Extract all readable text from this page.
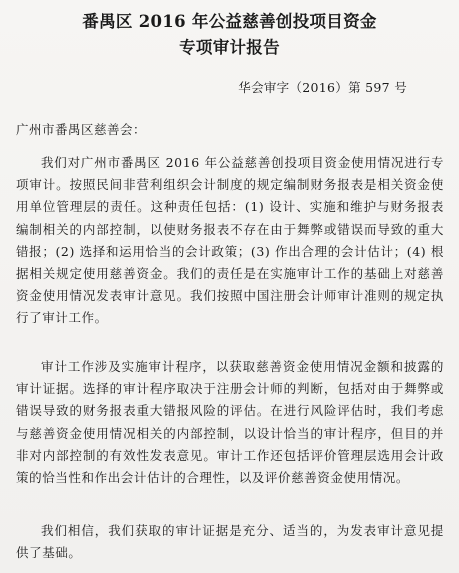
番禺区 2016 年公益慈善创投项目资金
专项审计报告
华会审字（2016）第 597 号
广州市番禺区慈善会：

我们对广州市番禺区 2016 年公益慈善创投项目资金使用情况进行专项审计。按照民间非营利组织会计制度的规定编制财务报表是相关资金使用单位管理层的责任。这种责任包括：(1) 设计、实施和维护与财务报表编制相关的内部控制，以使财务报表不存在由于舞弊或错误而导致的重大错报；(2) 选择和运用恰当的会计政策；(3) 作出合理的会计估计；(4) 根据相关规定使用慈善资金。我们的责任是在实施审计工作的基础上对慈善资金使用情况发表审计意见。我们按照中国注册会计师审计准则的规定执行了审计工作。

审计工作涉及实施审计程序，以获取慈善资金使用情况金额和披露的审计证据。选择的审计程序取决于注册会计师的判断，包括对由于舞弊或错误导致的财务报表重大错报风险的评估。在进行风险评估时，我们考虑与慈善资金使用情况相关的内部控制，以设计恰当的审计程序，但目的并非对内部控制的有效性发表意见。审计工作还包括评价管理层选用会计政策的恰当性和作出会计估计的合理性，以及评价慈善资金使用情况。

我们相信，我们获取的审计证据是充分、适当的，为发表审计意见提供了基础。
